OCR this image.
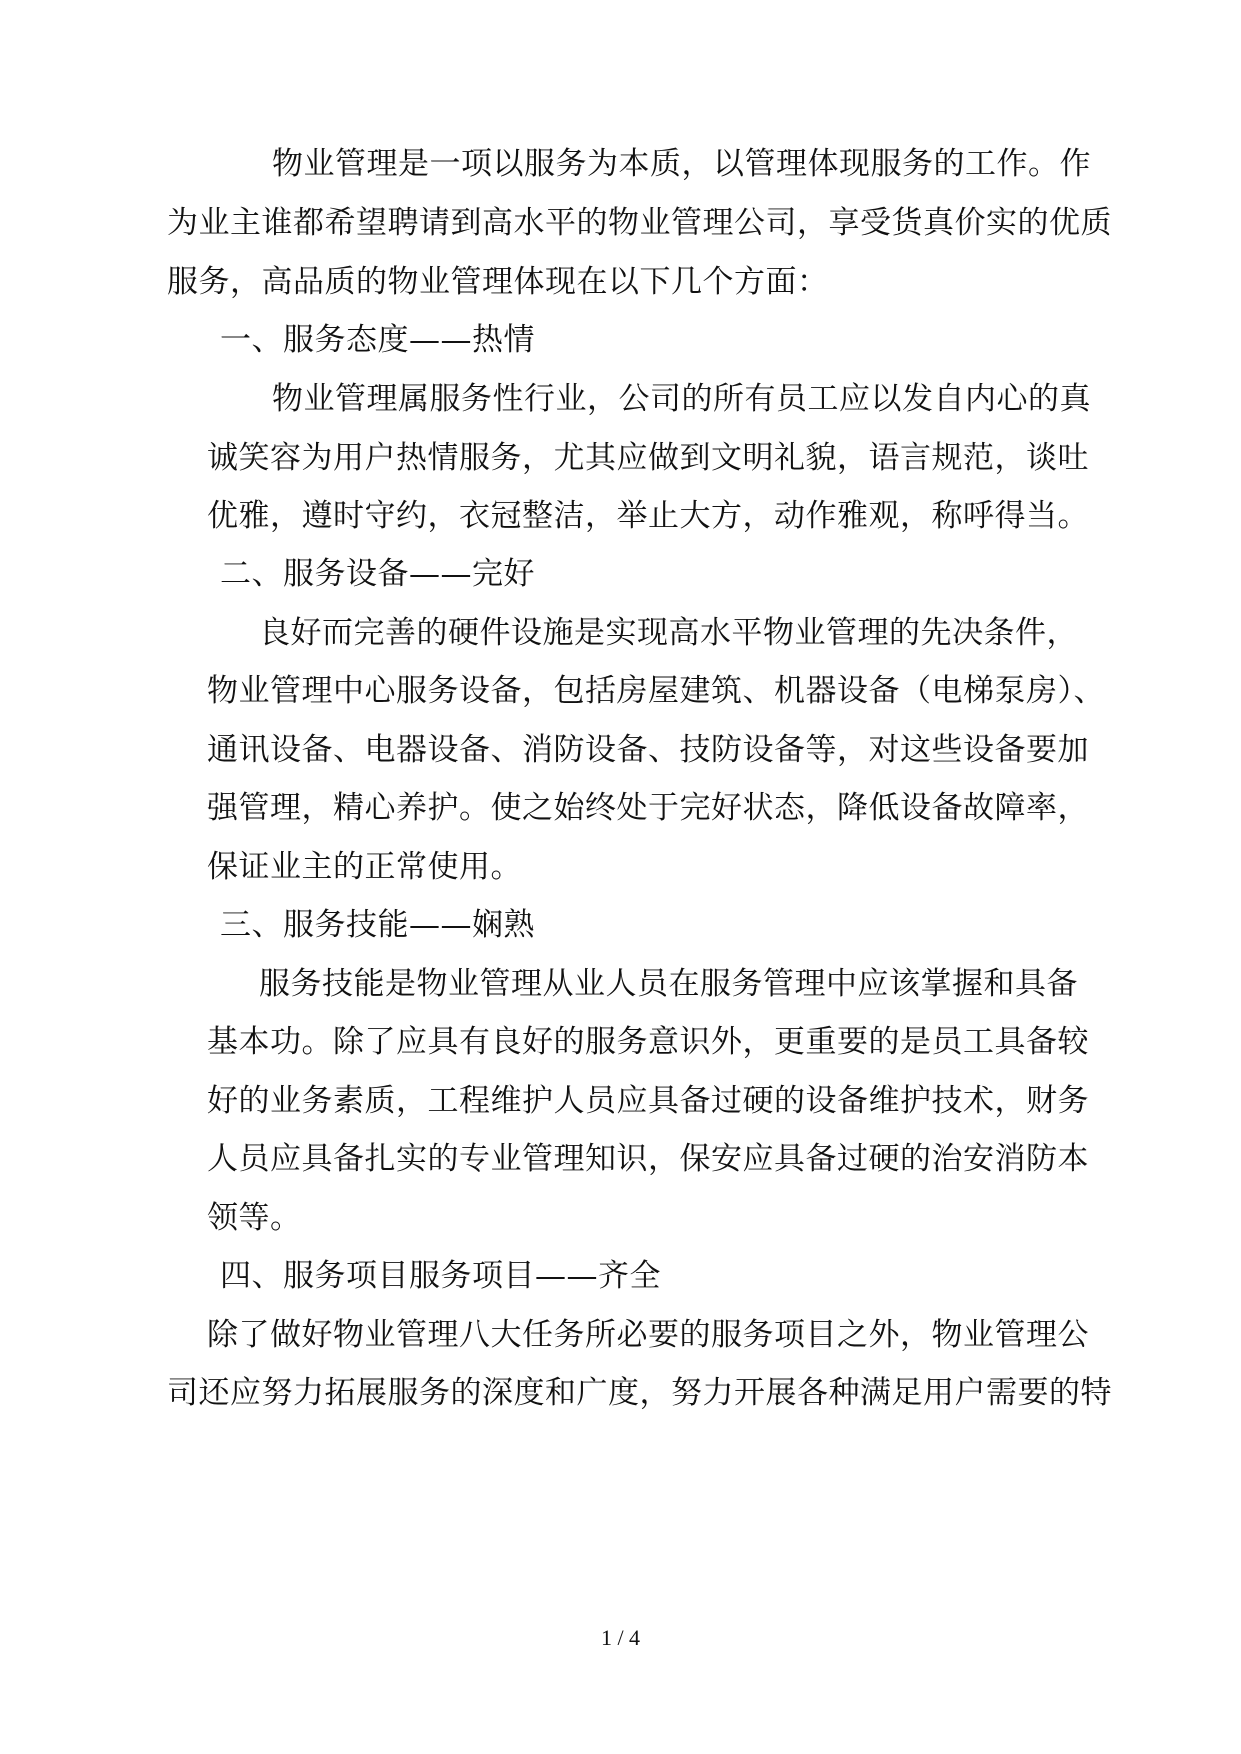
物业管理是一项以服务为本质，以管理体现服务的工作。作
为业主谁都希望聘请到高水平的物业管理公司，享受货真价实的优质
服务，高品质的物业管理体现在以下几个方面：
一、服务态度——热情
物业管理属服务性行业，公司的所有员工应以发自内心的真
诚笑容为用户热情服务，尤其应做到文明礼貌，语言规范，谈吐
优雅，遵时守约，衣冠整洁，举止大方，动作雅观，称呼得当。
二、服务设备——完好
良好而完善的硬件设施是实现高水平物业管理的先决条件，
物业管理中心服务设备，包括房屋建筑、机器设备（电梯泵房）、
通讯设备、电器设备、消防设备、技防设备等，对这些设备要加
强管理，精心养护。使之始终处于完好状态，降低设备故障率，
保证业主的正常使用。
三、服务技能——娴熟
服务技能是物业管理从业人员在服务管理中应该掌握和具备
基本功。除了应具有良好的服务意识外，更重要的是员工具备较
好的业务素质，工程维护人员应具备过硬的设备维护技术，财务
人员应具备扎实的专业管理知识，保安应具备过硬的治安消防本
领等。
四、服务项目服务项目——齐全
除了做好物业管理八大任务所必要的服务项目之外，物业管理公
司还应努力拓展服务的深度和广度，努力开展各种满足用户需要的特
1 / 4
